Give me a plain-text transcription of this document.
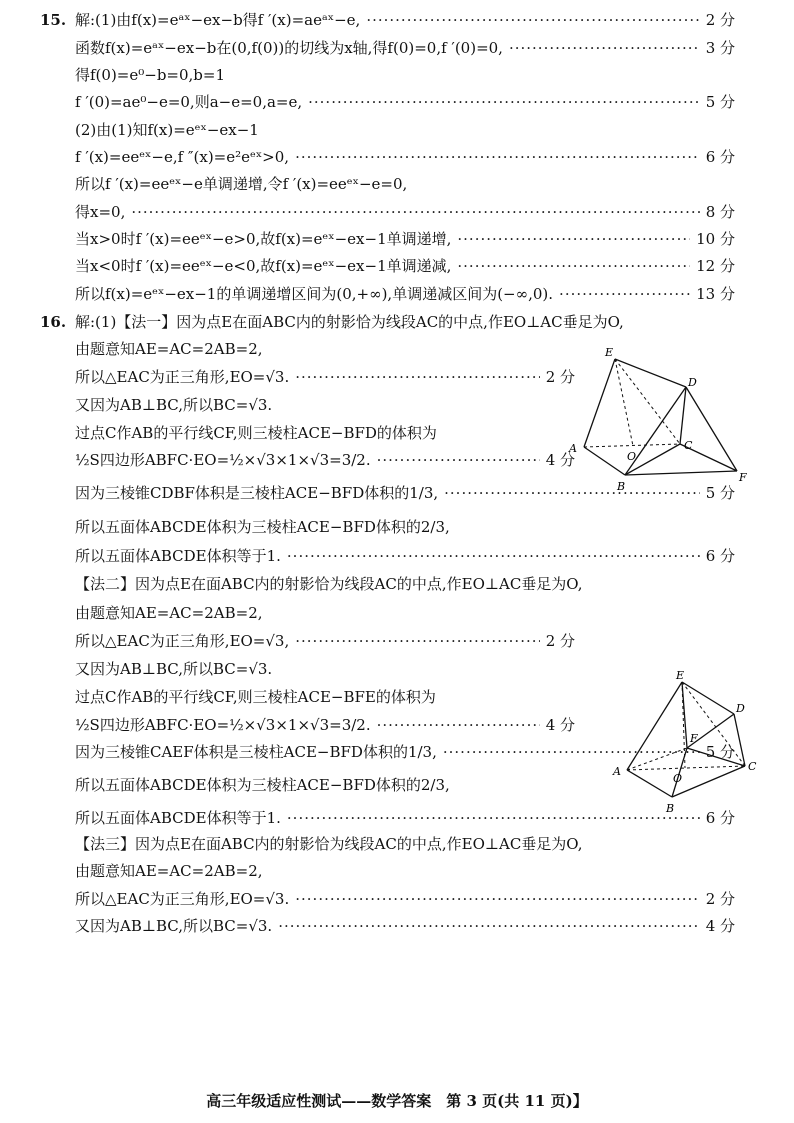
15. 解:(1)由f(x)=eᵃˣ−ex−b得f ′(x)=aeᵃˣ−e, ·····	2 分
函数f(x)=eᵃˣ−ex−b在(0,f(0))的切线为x轴,得f(0)=0,f ′(0)=0, ·····	3 分
得f(0)=e⁰−b=0,b=1
f ′(0)=ae⁰−e=0,则a−e=0,a=e, ·····	5 分
(2)由(1)知f(x)=eᵉˣ−ex−1
f ′(x)=eeᵉˣ−e,f ″(x)=e²eᵉˣ>0, ·····	6 分
所以f ′(x)=eeᵉˣ−e单调递增,令f ′(x)=eeᵉˣ−e=0,
得x=0, ·····	8 分
当x>0时f ′(x)=eeᵉˣ−e>0,故f(x)=eᵉˣ−ex−1单调递增, ·····	10 分
当x<0时f ′(x)=eeᵉˣ−e<0,故f(x)=eᵉˣ−ex−1单调递减, ·····	12 分
所以f(x)=eᵉˣ−ex−1的单调递增区间为(0,+∞),单调递减区间为(−∞,0). ·····	13 分
16. 解:(1)【法一】因为点E在面ABC内的射影恰为线段AC的中点,作EO⊥AC垂足为O,
由题意知AE=AC=2AB=2,
所以△EAC为正三角形,EO=√3. ·····	2 分
又因为AB⊥BC,所以BC=√3.
过点C作AB的平行线CF,则三棱柱ACE−BFD的体积为
½S四边形ABFC·EO=½×√3×1×√3=3/2. ·····	4 分
因为三棱锥CDBF体积是三棱柱ACE−BFD体积的1/3, ·····	5 分
所以五面体ABCDE体积为三棱柱ACE−BFD体积的2/3,
所以五面体ABCDE体积等于1. ·····	6 分
【法二】因为点E在面ABC内的射影恰为线段AC的中点,作EO⊥AC垂足为O,
由题意知AE=AC=2AB=2,
所以△EAC为正三角形,EO=√3, ·····	2 分
又因为AB⊥BC,所以BC=√3.
过点C作AB的平行线CF,则三棱柱ACE−BFE的体积为
½S四边形ABFC·EO=½×√3×1×√3=3/2. ·····	4 分
因为三棱锥CAEF体积是三棱柱ACE−BFD体积的1/3, ·····	5 分
所以五面体ABCDE体积为三棱柱ACE−BFD体积的2/3,
所以五面体ABCDE体积等于1. ·····	6 分
【法三】因为点E在面ABC内的射影恰为线段AC的中点,作EO⊥AC垂足为O,
由题意知AE=AC=2AB=2,
所以△EAC为正三角形,EO=√3. ·····	2 分
又因为AB⊥BC,所以BC=√3. ·····	4 分
A
B
C
D
E
F
O
A
B
C
D
E
F
O
高三年级适应性测试——数学答案　第 3 页(共 11 页)】
